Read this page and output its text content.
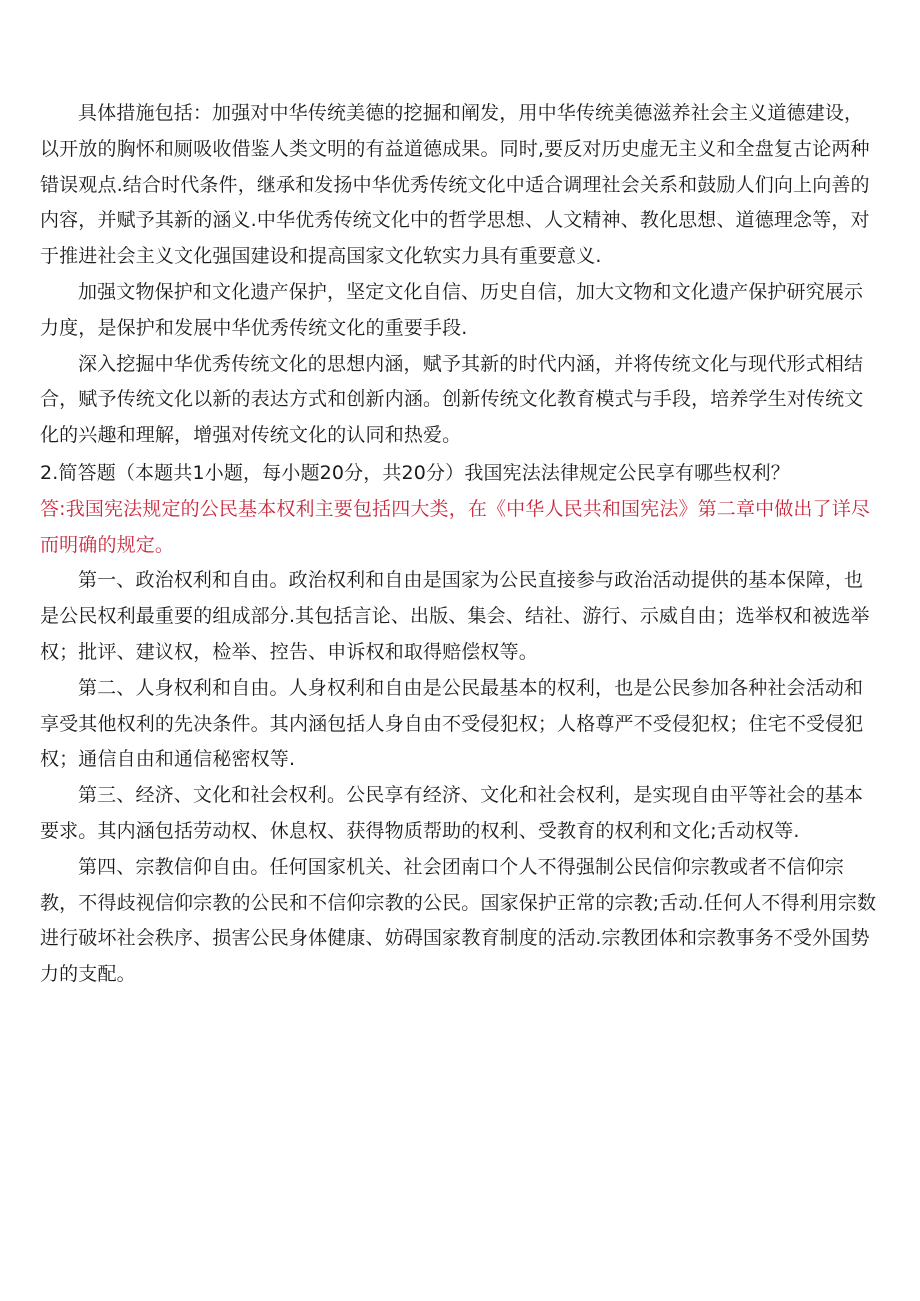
具体措施包括：加强对中华传统美德的挖掘和阐发，用中华传统美德滋养社会主义道德建设，以开放的胸怀和厕吸收借鉴人类文明的有益道德成果。同时,要反对历史虚无主义和全盘复古论两种错误观点.结合时代条件，继承和发扬中华优秀传统文化中适合调理社会关系和鼓励人们向上向善的内容，并赋予其新的涵义.中华优秀传统文化中的哲学思想、人文精神、教化思想、道德理念等，对于推进社会主义文化强国建设和提高国家文化软实力具有重要意义.

加强文物保护和文化遗产保护，坚定文化自信、历史自信，加大文物和文化遗产保护研究展示力度，是保护和发展中华优秀传统文化的重要手段.

深入挖掘中华优秀传统文化的思想内涵，赋予其新的时代内涵，并将传统文化与现代形式相结合，赋予传统文化以新的表达方式和创新内涵。创新传统文化教育模式与手段，培养学生对传统文化的兴趣和理解，增强对传统文化的认同和热爱。

2.简答题（本题共1小题，每小题20分，共20分）我国宪法法律规定公民享有哪些权利？

答:我国宪法规定的公民基本权利主要包括四大类，在《中华人民共和国宪法》第二章中做出了详尽而明确的规定。

第一、政治权利和自由。政治权利和自由是国家为公民直接参与政治活动提供的基本保障，也是公民权利最重要的组成部分.其包括言论、出版、集会、结社、游行、示威自由；选举权和被选举权；批评、建议权，检举、控告、申诉权和取得赔偿权等。

第二、人身权利和自由。人身权利和自由是公民最基本的权利，也是公民参加各种社会活动和享受其他权利的先决条件。其内涵包括人身自由不受侵犯权；人格尊严不受侵犯权；住宅不受侵犯权；通信自由和通信秘密权等.

第三、经济、文化和社会权利。公民享有经济、文化和社会权利，是实现自由平等社会的基本要求。其内涵包括劳动权、休息权、获得物质帮助的权利、受教育的权利和文化;舌动权等.

第四、宗教信仰自由。任何国家机关、社会团南口个人不得强制公民信仰宗教或者不信仰宗教，不得歧视信仰宗教的公民和不信仰宗教的公民。国家保护正常的宗教;舌动.任何人不得利用宗数进行破坏社会秩序、损害公民身体健康、妨碍国家教育制度的活动.宗教团体和宗教事务不受外国势力的支配。
